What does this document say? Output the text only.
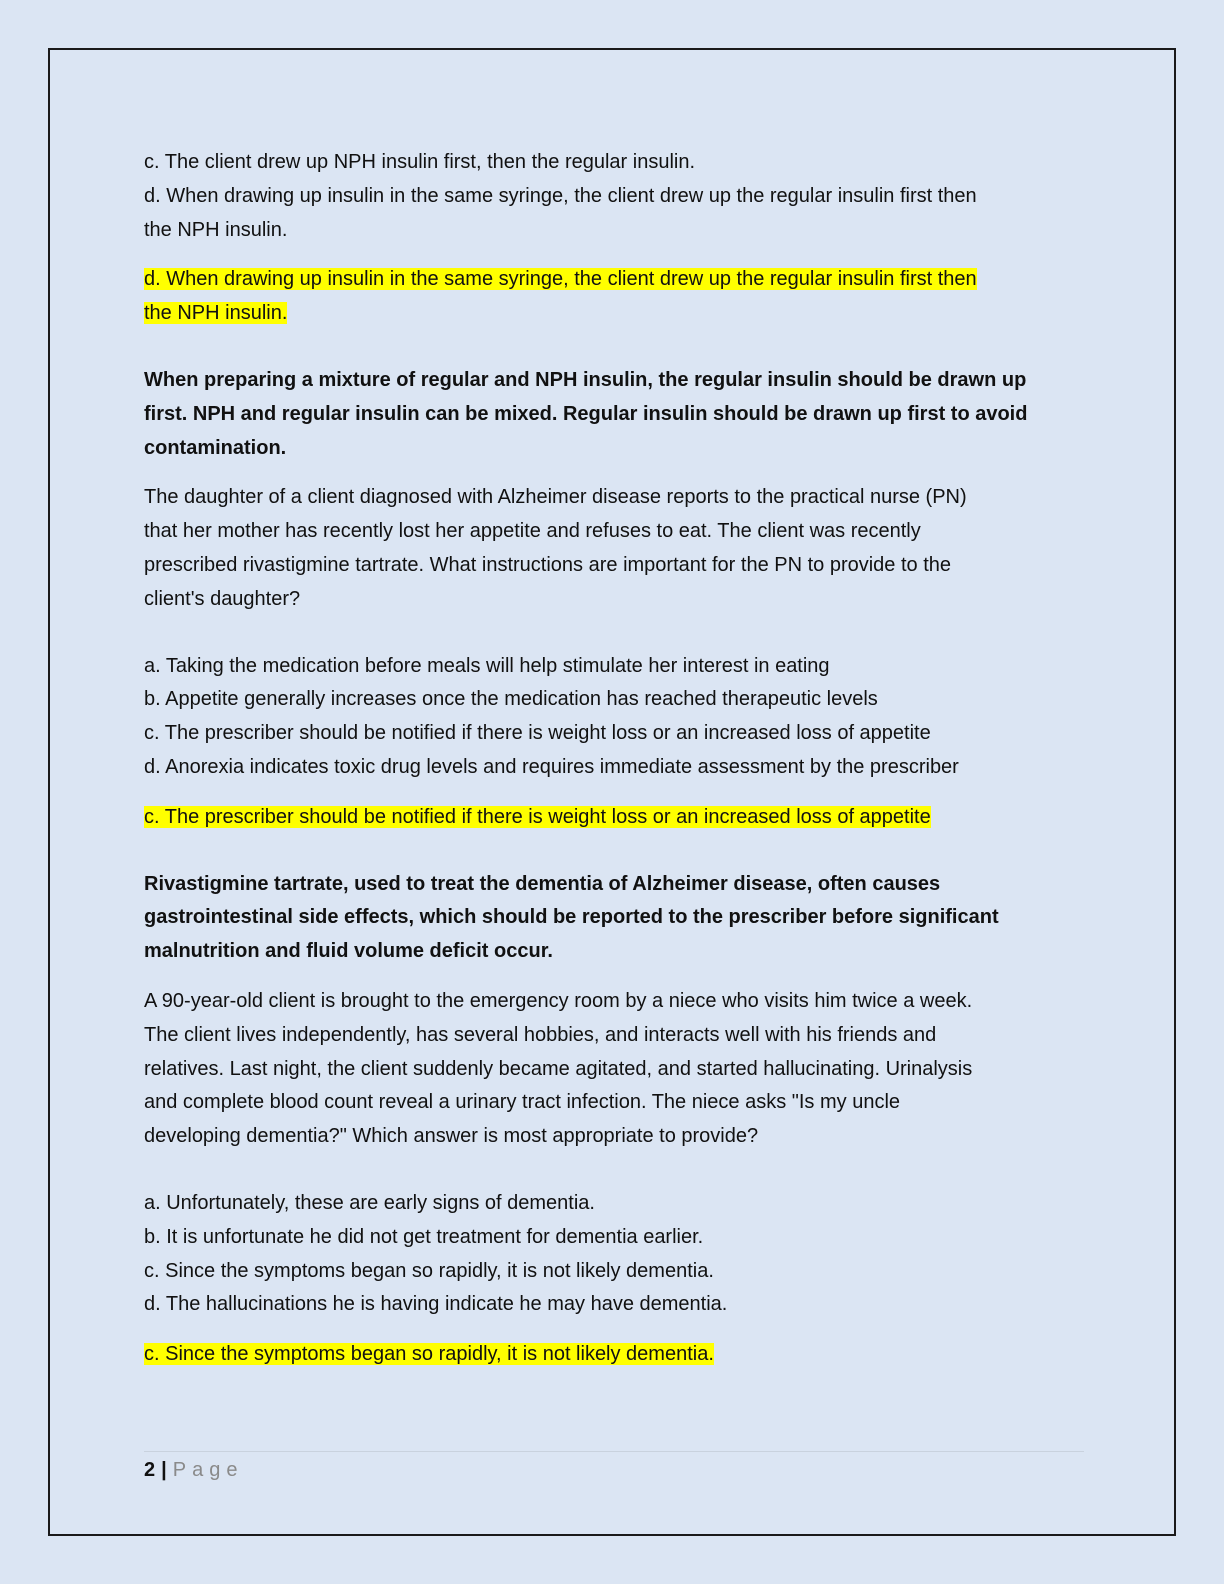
c. The client drew up NPH insulin first, then the regular insulin.

d. When drawing up insulin in the same syringe, the client drew up the regular insulin first then

the NPH insulin.

d. When drawing up insulin in the same syringe, the client drew up the regular insulin first then

the NPH insulin.

When preparing a mixture of regular and NPH insulin, the regular insulin should be drawn up

first. NPH and regular insulin can be mixed. Regular insulin should be drawn up first to avoid

contamination.

The daughter of a client diagnosed with Alzheimer disease reports to the practical nurse (PN)

that her mother has recently lost her appetite and refuses to eat. The client was recently

prescribed rivastigmine tartrate. What instructions are important for the PN to provide to the

client's daughter?

a. Taking the medication before meals will help stimulate her interest in eating

b. Appetite generally increases once the medication has reached therapeutic levels

c. The prescriber should be notified if there is weight loss or an increased loss of appetite

d. Anorexia indicates toxic drug levels and requires immediate assessment by the prescriber

c. The prescriber should be notified if there is weight loss or an increased loss of appetite

Rivastigmine tartrate, used to treat the dementia of Alzheimer disease, often causes

gastrointestinal side effects, which should be reported to the prescriber before significant

malnutrition and fluid volume deficit occur.

A 90-year-old client is brought to the emergency room by a niece who visits him twice a week.

The client lives independently, has several hobbies, and interacts well with his friends and

relatives. Last night, the client suddenly became agitated, and started hallucinating. Urinalysis

and complete blood count reveal a urinary tract infection. The niece asks "Is my uncle

developing dementia?" Which answer is most appropriate to provide?

a. Unfortunately, these are early signs of dementia.

b. It is unfortunate he did not get treatment for dementia earlier.

c. Since the symptoms began so rapidly, it is not likely dementia.

d. The hallucinations he is having indicate he may have dementia.

c. Since the symptoms began so rapidly, it is not likely dementia.

2 | Page
